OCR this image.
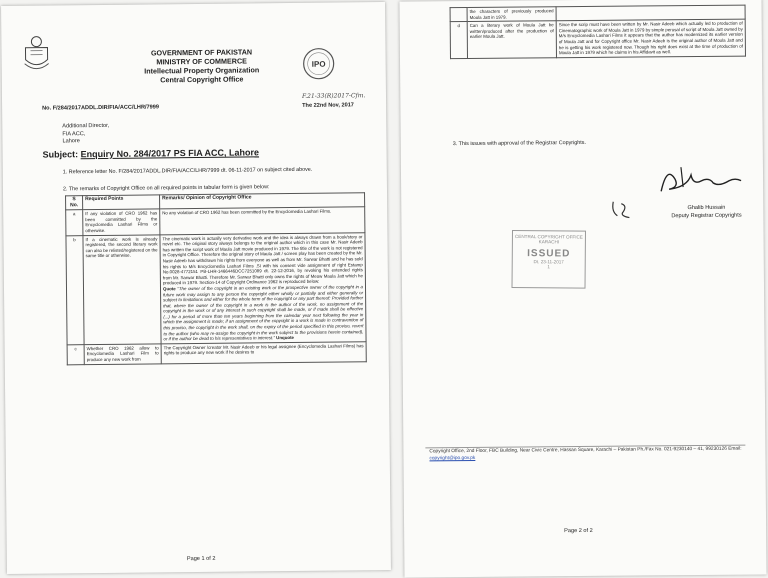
GOVERNMENT OF PAKISTAN
MINISTRY OF COMMERCE
Intellectual Property Organization
Central Copyright Office
IPO
No. F/284/2017ADDL.DIR/FIA/ACC/LHR/7999
F.21-33(R)2017-Cfm.
The 22nd Nov, 2017
Additional Director,
FIA ACC,
Lahore
Subject: Enquiry No. 284/2017 PS FIA ACC, Lahore
1. Reference letter No. F/284/2017ADDL.DIR/FIA/ACC/LHR/7999 dt. 06-11-2017 on subject cited above.
2. The remarks of Copyright Office on all required points in tabular form is given below:
S No.	Required Points	Remarks/ Opinion of Copyright Office
a	If any violation of CRO 1962 has been committed by the Encyclomedia Lashari Films or otherwise.	No any violation of CRO 1962 has been committed by the Encyclomedia Lashari Films.
b	If a cinematic work is already registered, the second literary work can also be relisted/registered on the same title or otherwise.	The cinematic work is actually very derivative work and the idea is always drawn from a book/story or novel etc. The original story always belongs to the original author which in this case Mr. Nasir Adeeb has written the script work of Maula Jatt movie produced in 1979. The title of the work is not registered in Copyright Office. Therefore the original story of Maula Jatt / screen play has been created by the Mr. Nasir Adeeb has withdrawn his rights from everyone as well as from Mr. Sarwar Bhatti and he has sold his rights to M/s Encyclomedia Lashari Films .SI with his consent vide assignment of right Estamp No.0028-4772151 PB-LHR-1466446DCC7251089 dt. 22-12-2016, by revoking his extended rights from Mr. Sarwar Bhatti. Therefore Mr. Sarwar Bhatti only owns the rights of Meow Maula Jatt which he produced in 1979. Section-14 of Copyright Ordinance 1962 is reproduced below:
Quote "The owner of the copyright in an existing work or the prospective owner of the copyright in a future work may assign to any person the copyright either wholly or partially and either generally or subject to limitations and either for the whole term of the copyright or any part thereof: Provided further that, where the owner of the copyright in a work is the author of the work, no assignment of the copyright in the work or of any interest in such copyright shall be made, or if made shall be effective (...) for a period of more than ten years beginning from the calendar year next following the year in which the assignment is made; if an assignment of the copyright in a work is made in contravention of this proviso, the copyright in the work shall, on the expiry of the period specified in this proviso, revert to the author (who may re-assign the copyright in the work subject to the provisions herein contained), or if the author be dead to his representatives in interest." Unquote
c	Whether CRO 1962 allow to Encyclomedia Lashari Film to produce any new work from	The Copyright Owner /creator Mr. Nasir Adeeb or his legal assignee (Encyclomedia Lashari Films) has rights to produce any new work if he desires to
Page 1 of 2
	the characters of previously produced Moula Jatt in 1979.	
d	Can a literary work of Moula Jatt be written/produced after the production of earlier Moula Jatt.	Since the scrip must have been written by Mr. Nasir Adeeb which actually led to production of Cinematographic work of Moula Jatt in 1979 by simple perusal of script of Moula Jatt owned by M/s Encyclomedia Lashari Films it appears that the author has modernized its earlier version of Moula Jatt and for Copyright office Mr. Nasir Adeeb is the original author of Moula Jatt and he is getting his work registered now. Though his right does exist at the time of production of Moula Jatt in 1979 which he claims in his Affidavit as well.
3. This issues with approval of the Registrar Copyrights.
Ghalib Hussain
Deputy Registrar Copyrights
CENTRAL COPYRIGHT OFFICE KARACHI
ISSUED
Dt. 23-11-2017
1
Copyright Office, 2nd Floor, FBC Building, Near Civic Centre, Hassan Square, Karachi – Pakistan Ph./Fax No. 021-9230140 – 41, 99230126 Email: copyright@ipo.gov.pk
Page 2 of 2
